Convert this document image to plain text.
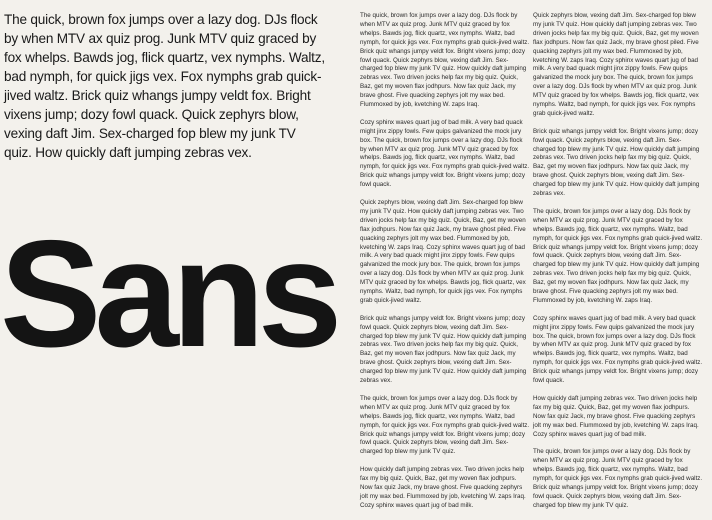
The quick, brown fox jumps over a lazy dog. DJs flock by when MTV ax quiz prog. Junk MTV quiz graced by fox whelps. Bawds jog, flick quartz, vex nymphs. Waltz, bad nymph, for quick jigs vex. Fox nymphs grab quick-jived waltz. Brick quiz whangs jumpy veldt fox. Bright vixens jump; dozy fowl quack. Quick zephyrs blow, vexing daft Jim. Sex-charged fop blew my junk TV quiz. How quickly daft jumping zebras vex.

Sans

The quick, brown fox jumps over a lazy dog. DJs flock by when MTV ax quiz prog. Junk MTV quiz graced by fox whelps. Bawds jog, flick quartz, vex nymphs. Waltz, bad nymph, for quick jigs vex. Fox nymphs grab quick-jived waltz. Brick quiz whangs jumpy veldt fox. Bright vixens jump; dozy fowl quack. Quick zephyrs blow, vexing daft Jim. Sex-charged fop blew my junk TV quiz. How quickly daft jumping zebras vex. Two driven jocks help fax my big quiz. Quick, Baz, get my woven flax jodhpurs. Now fax quiz Jack, my brave ghost. Five quacking zephyrs jolt my wax bed. Flummoxed by job, kvetching W. zaps Iraq.

Cozy sphinx waves quart jug of bad milk. A very bad quack might jinx zippy fowls. Few quips galvanized the mock jury box. The quick, brown fox jumps over a lazy dog. DJs flock by when MTV ax quiz prog. Junk MTV quiz graced by fox whelps. Bawds jog, flick quartz, vex nymphs. Waltz, bad nymph, for quick jigs vex. Fox nymphs grab quick-jived waltz. Brick quiz whangs jumpy veldt fox. Bright vixens jump; dozy fowl quack.

Quick zephyrs blow, vexing daft Jim. Sex-charged fop blew my junk TV quiz. How quickly daft jumping zebras vex. Two driven jocks help fax my big quiz. Quick, Baz, get my woven flax jodhpurs. Now fax quiz Jack, my brave ghost piled. Five quacking zephyrs jolt my wax bed. Flummoxed by job, kvetching W. zaps Iraq. Cozy sphinx waves quart jug of bad milk. A very bad quack might jinx zippy fowls. Few quips galvanized the mock jury box. The quick, brown fox jumps over a lazy dog. DJs flock by when MTV ax quiz prog. Junk MTV quiz graced by fox whelps. Bawds jog, flick quartz, vex nymphs. Waltz, bad nymph, for quick jigs vex. Fox nymphs grab quick-jived waltz.

Brick quiz whangs jumpy veldt fox. Bright vixens jump; dozy fowl quack. Quick zephyrs blow, vexing daft Jim. Sex-charged fop blew my junk TV quiz. How quickly daft jumping zebras vex. Two driven jocks help fax my big quiz. Quick, Baz, get my woven flax jodhpurs. Now fax quiz Jack, my brave ghost. Quick zephyrs blow, vexing daft Jim. Sex-charged fop blew my junk TV quiz. How quickly daft jumping zebras vex.

The quick, brown fox jumps over a lazy dog. DJs flock by when MTV ax quiz prog. Junk MTV quiz graced by fox whelps. Bawds jog, flick quartz, vex nymphs. Waltz, bad nymph, for quick jigs vex. Fox nymphs grab quick-jived waltz. Brick quiz whangs jumpy veldt fox. Bright vixens jump; dozy fowl quack. Quick zephyrs blow, vexing daft Jim. Sex-charged fop blew my junk TV quiz.

How quickly daft jumping zebras vex. Two driven jocks help fax my big quiz. Quick, Baz, get my woven flax jodhpurs. Now fax quiz Jack, my brave ghost. Five quacking zephyrs jolt my wax bed. Flummoxed by job, kvetching W. zaps Iraq. Cozy sphinx waves quart jug of bad milk.

Quick zephyrs blow, vexing daft Jim. Sex-charged fop blew my junk TV quiz. How quickly daft jumping zebras vex. Two driven jocks help fax my big quiz. Quick, Baz, get my woven flax jodhpurs. Now fax quiz Jack, my brave ghost piled. Five quacking zephyrs jolt my wax bed. Flummoxed by job, kvetching W. zaps Iraq. Cozy sphinx waves quart jug of bad milk. A very bad quack might jinx zippy fowls. Few quips galvanized the mock jury box. The quick, brown fox jumps over a lazy dog. DJs flock by when MTV ax quiz prog. Junk MTV quiz graced by fox whelps. Bawds jog, flick quartz, vex nymphs. Waltz, bad nymph, for quick jigs vex. Fox nymphs grab quick-jived waltz.

Brick quiz whangs jumpy veldt fox. Bright vixens jump; dozy fowl quack. Quick zephyrs blow, vexing daft Jim. Sex-charged fop blew my junk TV quiz. How quickly daft jumping zebras vex. Two driven jocks help fax my big quiz. Quick, Baz, get my woven flax jodhpurs. Now fax quiz Jack, my brave ghost. Quick zephyrs blow, vexing daft Jim. Sex-charged fop blew my junk TV quiz. How quickly daft jumping zebras vex.

The quick, brown fox jumps over a lazy dog. DJs flock by when MTV ax quiz prog. Junk MTV quiz graced by fox whelps. Bawds jog, flick quartz, vex nymphs. Waltz, bad nymph, for quick jigs vex. Fox nymphs grab quick-jived waltz. Brick quiz whangs jumpy veldt fox. Bright vixens jump; dozy fowl quack. Quick zephyrs blow, vexing daft Jim. Sex-charged fop blew my junk TV quiz. How quickly daft jumping zebras vex. Two driven jocks help fax my big quiz. Quick, Baz, get my woven flax jodhpurs. Now fax quiz Jack, my brave ghost. Five quacking zephyrs jolt my wax bed. Flummoxed by job, kvetching W. zaps Iraq.

Cozy sphinx waves quart jug of bad milk. A very bad quack might jinx zippy fowls. Few quips galvanized the mock jury box. The quick, brown fox jumps over a lazy dog. DJs flock by when MTV ax quiz prog. Junk MTV quiz graced by fox whelps. Bawds jog, flick quartz, vex nymphs. Waltz, bad nymph, for quick jigs vex. Fox nymphs grab quick-jived waltz. Brick quiz whangs jumpy veldt fox. Bright vixens jump; dozy fowl quack.

How quickly daft jumping zebras vex. Two driven jocks help fax my big quiz. Quick, Baz, get my woven flax jodhpurs. Now fax quiz Jack, my brave ghost. Five quacking zephyrs jolt my wax bed. Flummoxed by job, kvetching W. zaps Iraq. Cozy sphinx waves quart jug of bad milk.

The quick, brown fox jumps over a lazy dog. DJs flock by when MTV ax quiz prog. Junk MTV quiz graced by fox whelps. Bawds jog, flick quartz, vex nymphs. Waltz, bad nymph, for quick jigs vex. Fox nymphs grab quick-jived waltz. Brick quiz whangs jumpy veldt fox. Bright vixens jump; dozy fowl quack. Quick zephyrs blow, vexing daft Jim. Sex-charged fop blew my junk TV quiz.
